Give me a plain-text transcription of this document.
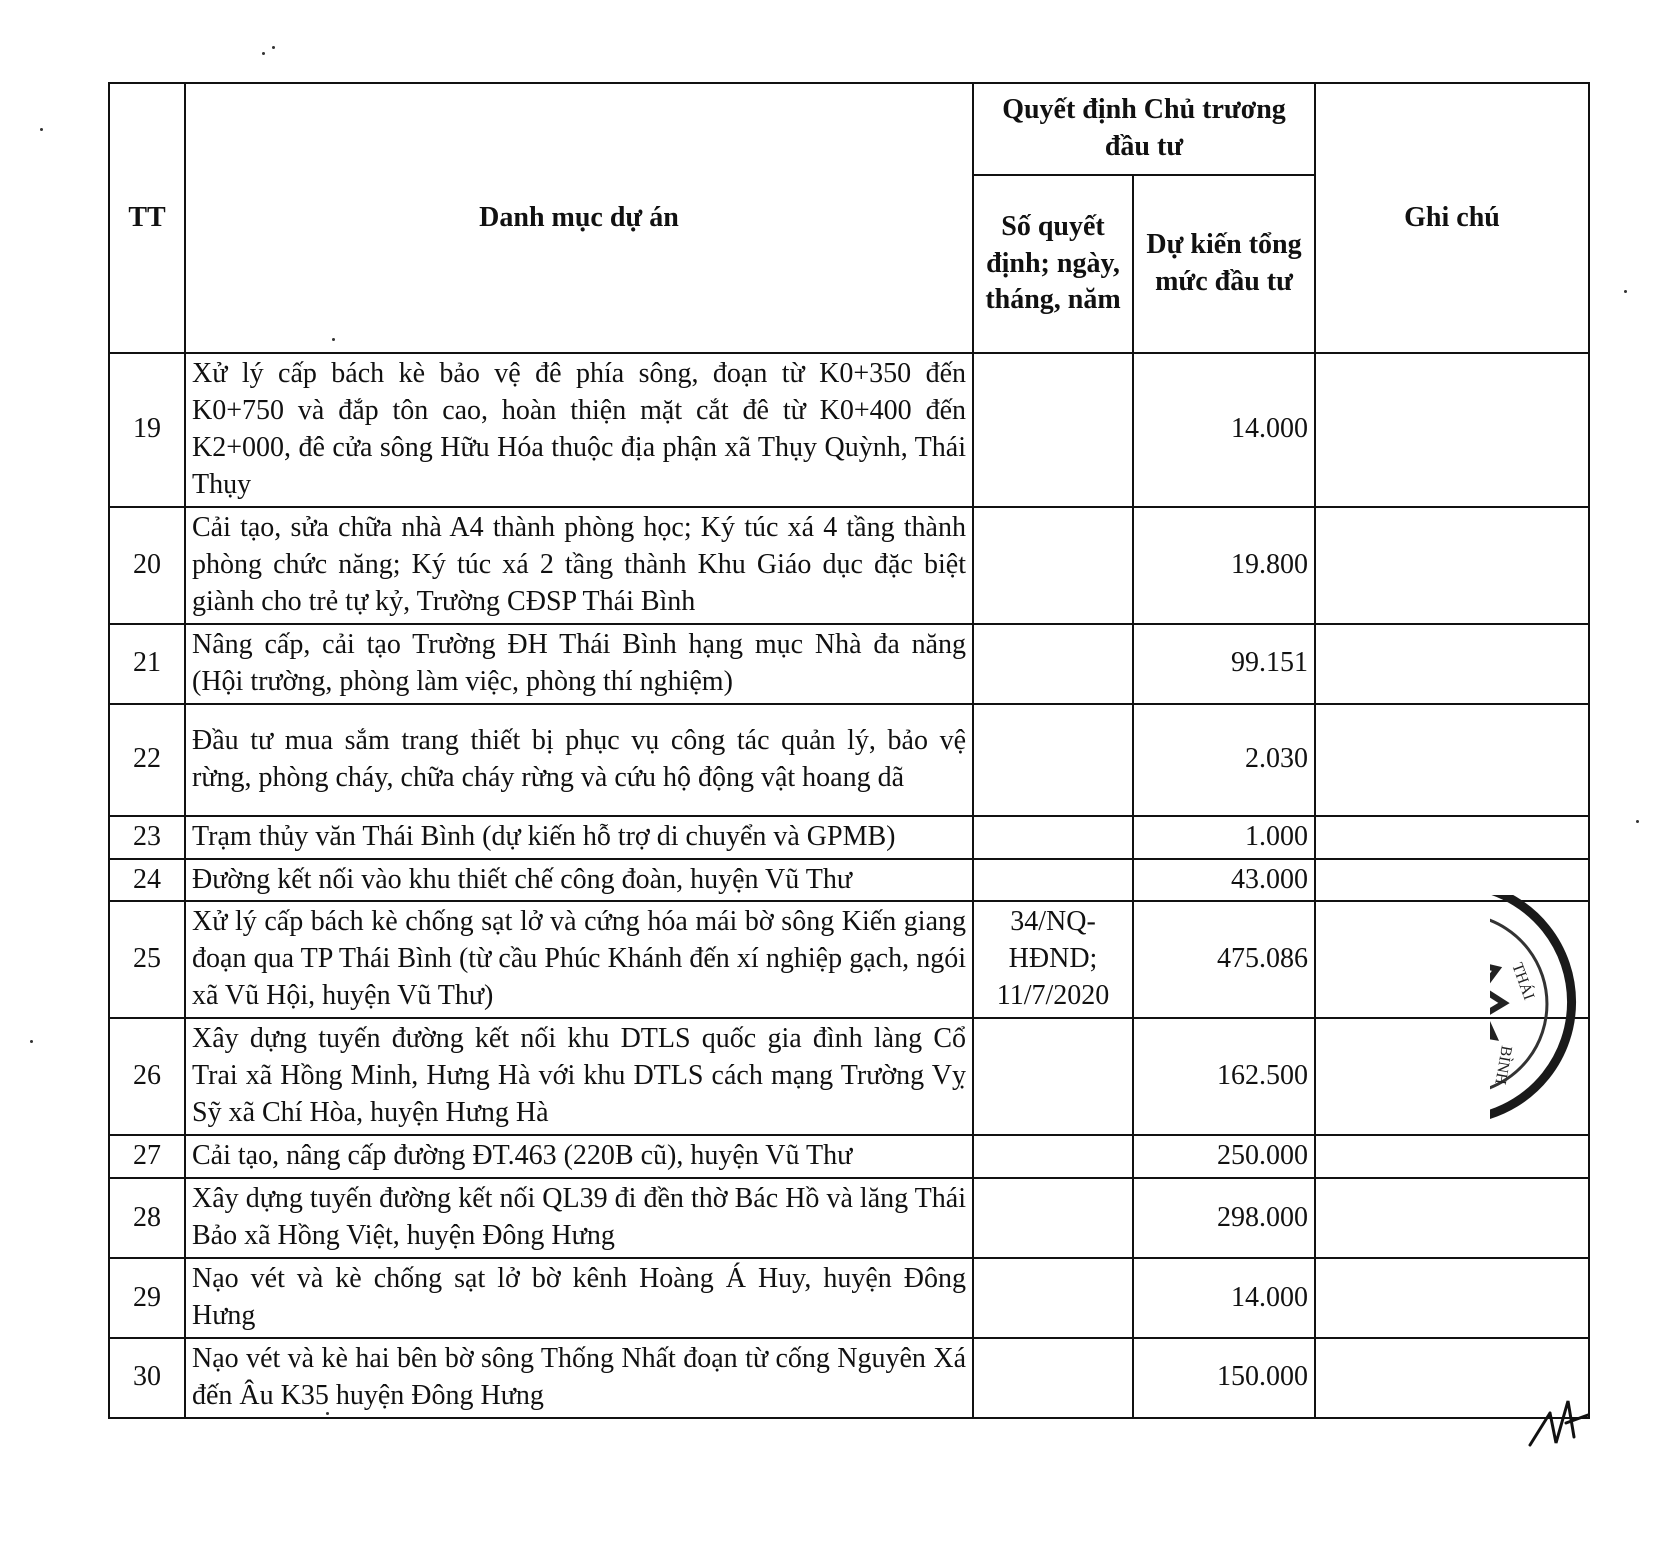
TT	Danh mục dự án	Quyết định Chủ trương đầu tư		Ghi chú
		Số quyết định; ngày, tháng, năm	Dự kiến tổng mức đầu tư	
19	Xử lý cấp bách kè bảo vệ đê phía sông, đoạn từ K0+350 đến K0+750 và đắp tôn cao, hoàn thiện mặt cắt đê từ K0+400 đến K2+000, đê cửa sông Hữu Hóa thuộc địa phận xã Thụy Quỳnh, Thái Thụy		14.000	
20	Cải tạo, sửa chữa nhà A4 thành phòng học; Ký túc xá 4 tầng thành phòng chức năng; Ký túc xá 2 tầng thành Khu Giáo dục đặc biệt giành cho trẻ tự kỷ, Trường CĐSP Thái Bình		19.800	
21	Nâng cấp, cải tạo Trường ĐH Thái Bình hạng mục Nhà đa năng (Hội trường, phòng làm việc, phòng thí nghiệm)		99.151	
22	Đầu tư mua sắm trang thiết bị phục vụ công tác quản lý, bảo vệ rừng, phòng cháy, chữa cháy rừng và cứu hộ động vật hoang dã		2.030	
23	Trạm thủy văn Thái Bình (dự kiến hỗ trợ di chuyển và GPMB)		1.000	
24	Đường kết nối vào khu thiết chế công đoàn, huyện Vũ Thư		43.000	
25	Xử lý cấp bách kè chống sạt lở và cứng hóa mái bờ sông Kiến giang đoạn qua TP Thái Bình (từ cầu Phúc Khánh đến xí nghiệp gạch, ngói xã Vũ Hội, huyện Vũ Thư)	34/NQ-HĐND; 11/7/2020	475.086	
26	Xây dựng tuyến đường kết nối khu DTLS quốc gia đình làng Cổ Trai xã Hồng Minh, Hưng Hà với khu DTLS cách mạng Trường Vỵ Sỹ xã Chí Hòa, huyện Hưng Hà		162.500	
27	Cải tạo, nâng cấp đường ĐT.463 (220B cũ), huyện Vũ Thư		250.000	
28	Xây dựng tuyến đường kết nối QL39 đi đền thờ Bác Hồ và lăng Thái Bảo xã Hồng Việt, huyện Đông Hưng		298.000	
29	Nạo vét và kè chống sạt lở bờ kênh Hoàng Á Huy, huyện Đông Hưng		14.000	
30	Nạo vét và kè hai bên bờ sông Thống Nhất đoạn từ cống Nguyên Xá đến Âu K35 huyện Đông Hưng		150.000	
THÁI
BÌNH
